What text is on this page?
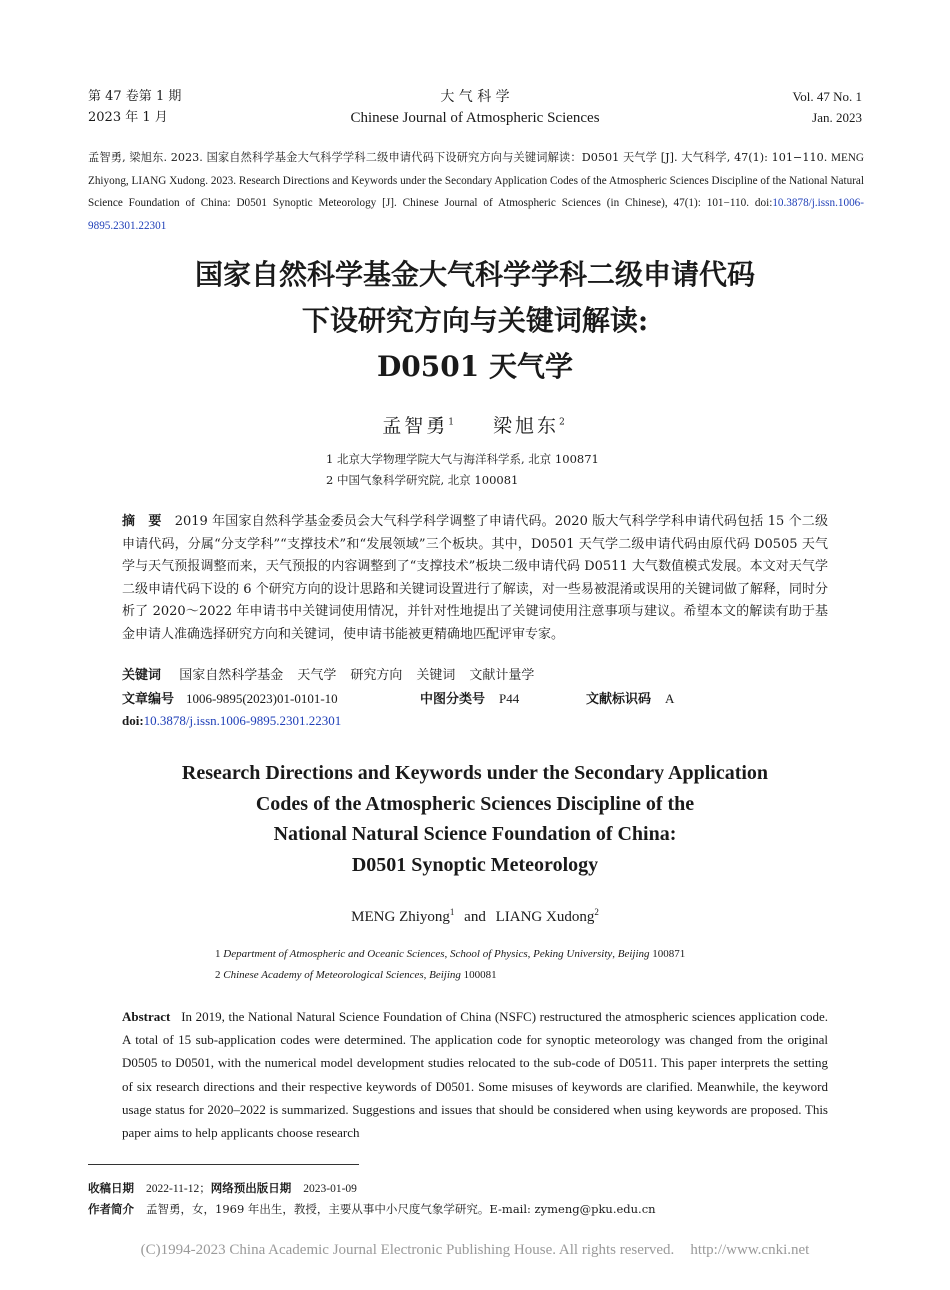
第 47 卷第 1 期
2023 年 1 月
大 气 科 学
Chinese Journal of Atmospheric Sciences
Vol. 47 No. 1
Jan. 2023
孟智勇, 梁旭东. 2023. 国家自然科学基金大气科学学科二级申请代码下设研究方向与关键词解读：D0501 天气学 [J]. 大气科学, 47(1): 101−110. MENG Zhiyong, LIANG Xudong. 2023. Research Directions and Keywords under the Secondary Application Codes of the Atmospheric Sciences Discipline of the National Natural Science Foundation of China: D0501 Synoptic Meteorology [J]. Chinese Journal of Atmospheric Sciences (in Chinese), 47(1): 101−110. doi:10.3878/j.issn.1006-9895.2301.22301
国家自然科学基金大气科学学科二级申请代码
下设研究方向与关键词解读:
D0501 天气学
孟智勇$^1$ 梁旭东$^2$
1 北京大学物理学院大气与海洋科学系, 北京 100871
2 中国气象科学研究院, 北京 100081
摘　要　 2019 年国家自然科学基金委员会大气科学科学调整了申请代码。2020 版大气科学学科申请代码包括 15 个二级申请代码，分属“分支学科”“支撑技术”和“发展领域”三个板块。其中，D0501 天气学二级申请代码由原代码 D0505 天气学与天气预报调整而来，天气预报的内容调整到了“支撑技术”板块二级申请代码 D0511 大气数值模式发展。本文对天气学二级申请代码下设的 6 个研究方向的设计思路和关键词设置进行了解读，对一些易被混淆或误用的关键词做了解释，同时分析了 2020～2022 年申请书中关键词使用情况，并针对性地提出了关键词使用注意事项与建议。希望本文的解读有助于基金申请人准确选择研究方向和关键词，使申请书能被更精确地匹配评审专家。
关键词 国家自然科学基金 天气学 研究方向 关键词 文献计量学
文章编号 1006-9895(2023)01-0101-10	中图分类号 P44	文献标识码 A
doi:10.3878/j.issn.1006-9895.2301.22301
Research Directions and Keywords under the Secondary Application
Codes of the Atmospheric Sciences Discipline of the
National Natural Science Foundation of China:
D0501 Synoptic Meteorology
MENG Zhiyong$^1$ and LIANG Xudong$^2$
1 Department of Atmospheric and Oceanic Sciences, School of Physics, Peking University, Beijing 100871
2 Chinese Academy of Meteorological Sciences, Beijing 100081
Abstract In 2019, the National Natural Science Foundation of China (NSFC) restructured the atmospheric sciences application code. A total of 15 sub-application codes were determined. The application code for synoptic meteorology was changed from the original D0505 to D0501, with the numerical model development studies relocated to the sub-code of D0511. This paper interprets the setting of six research directions and their respective keywords of D0501. Some misuses of keywords are clarified. Meanwhile, the keyword usage status for 2020–2022 is summarized. Suggestions and issues that should be considered when using keywords are proposed. This paper aims to help applicants choose research
收稿日期 2022-11-12；网络预出版日期 2023-01-09
作者简介 孟智勇，女，1969 年出生，教授，主要从事中小尺度气象学研究。E-mail: zymeng@pku.edu.cn
(C)1994-2023 China Academic Journal Electronic Publishing House. All rights reserved. http://www.cnki.net
